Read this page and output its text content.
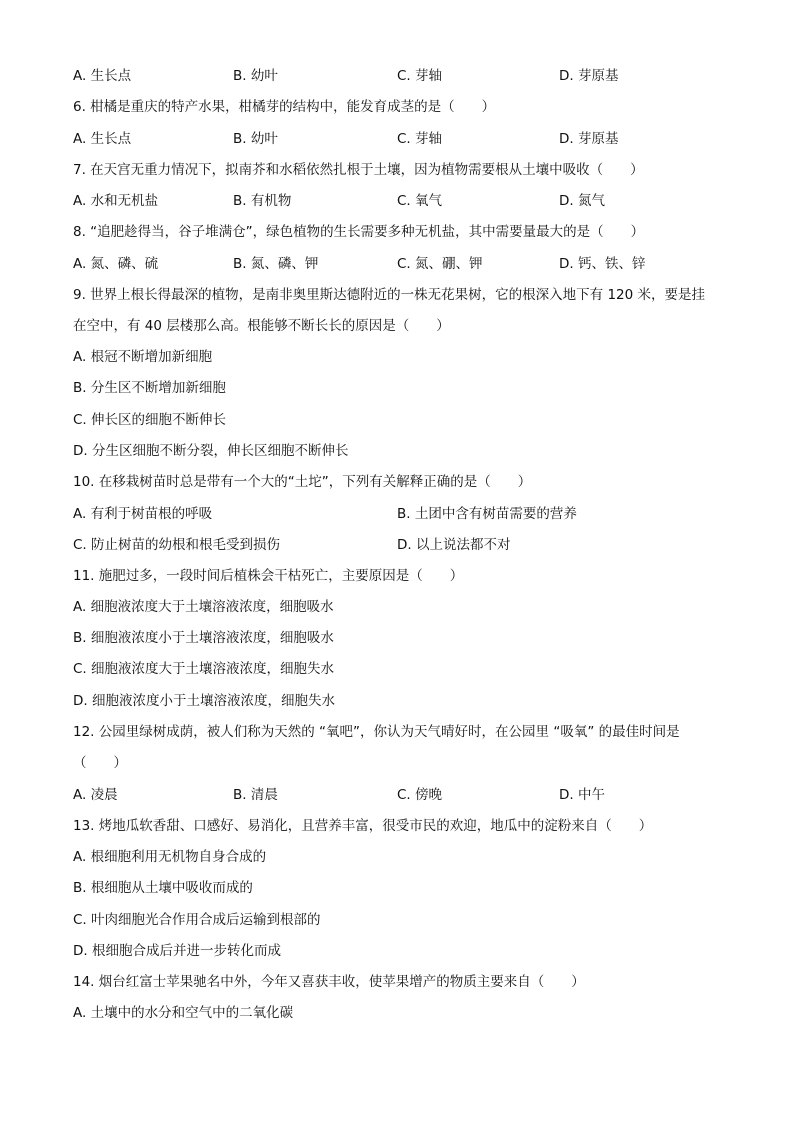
A. 生长点	B. 幼叶	C. 芽轴	D. 芽原基
6. 柑橘是重庆的特产水果，柑橘芽的结构中，能发育成茎的是（　　）
A. 生长点	B. 幼叶	C. 芽轴	D. 芽原基
7. 在天宫无重力情况下，拟南芥和水稻依然扎根于土壤，因为植物需要根从土壤中吸收（　　）
A. 水和无机盐	B. 有机物	C. 氧气	D. 氮气
8. “追肥趁得当，谷子堆满仓”，绿色植物的生长需要多种无机盐，其中需要量最大的是（　　）
A. 氮、磷、硫	B. 氮、磷、钾	C. 氮、硼、钾	D. 钙、铁、锌
9. 世界上根长得最深的植物，是南非奥里斯达德附近的一株无花果树，它的根深入地下有 120 米，要是挂
在空中，有 40 层楼那么高。根能够不断长长的原因是（　　）
A. 根冠不断增加新细胞
B. 分生区不断增加新细胞
C. 伸长区的细胞不断伸长
D. 分生区细胞不断分裂，伸长区细胞不断伸长
10. 在移栽树苗时总是带有一个大的“土坨”，下列有关解释正确的是（　　）
A. 有利于树苗根的呼吸	B. 土团中含有树苗需要的营养
C. 防止树苗的幼根和根毛受到损伤	D. 以上说法都不对
11. 施肥过多，一段时间后植株会干枯死亡，主要原因是（　　）
A. 细胞液浓度大于土壤溶液浓度，细胞吸水
B. 细胞液浓度小于土壤溶液浓度，细胞吸水
C. 细胞液浓度大于土壤溶液浓度，细胞失水
D. 细胞液浓度小于土壤溶液浓度，细胞失水
12. 公园里绿树成荫，被人们称为天然的 “氧吧”，你认为天气晴好时，在公园里 “吸氧” 的最佳时间是
（　　）
A. 凌晨	B. 清晨	C. 傍晚	D. 中午
13. 烤地瓜软香甜、口感好、易消化，且营养丰富，很受市民的欢迎，地瓜中的淀粉来自（　　）
A. 根细胞利用无机物自身合成的
B. 根细胞从土壤中吸收而成的
C. 叶肉细胞光合作用合成后运输到根部的
D. 根细胞合成后并进一步转化而成
14. 烟台红富士苹果驰名中外，今年又喜获丰收，使苹果增产的物质主要来自（　　）
A. 土壤中的水分和空气中的二氧化碳
